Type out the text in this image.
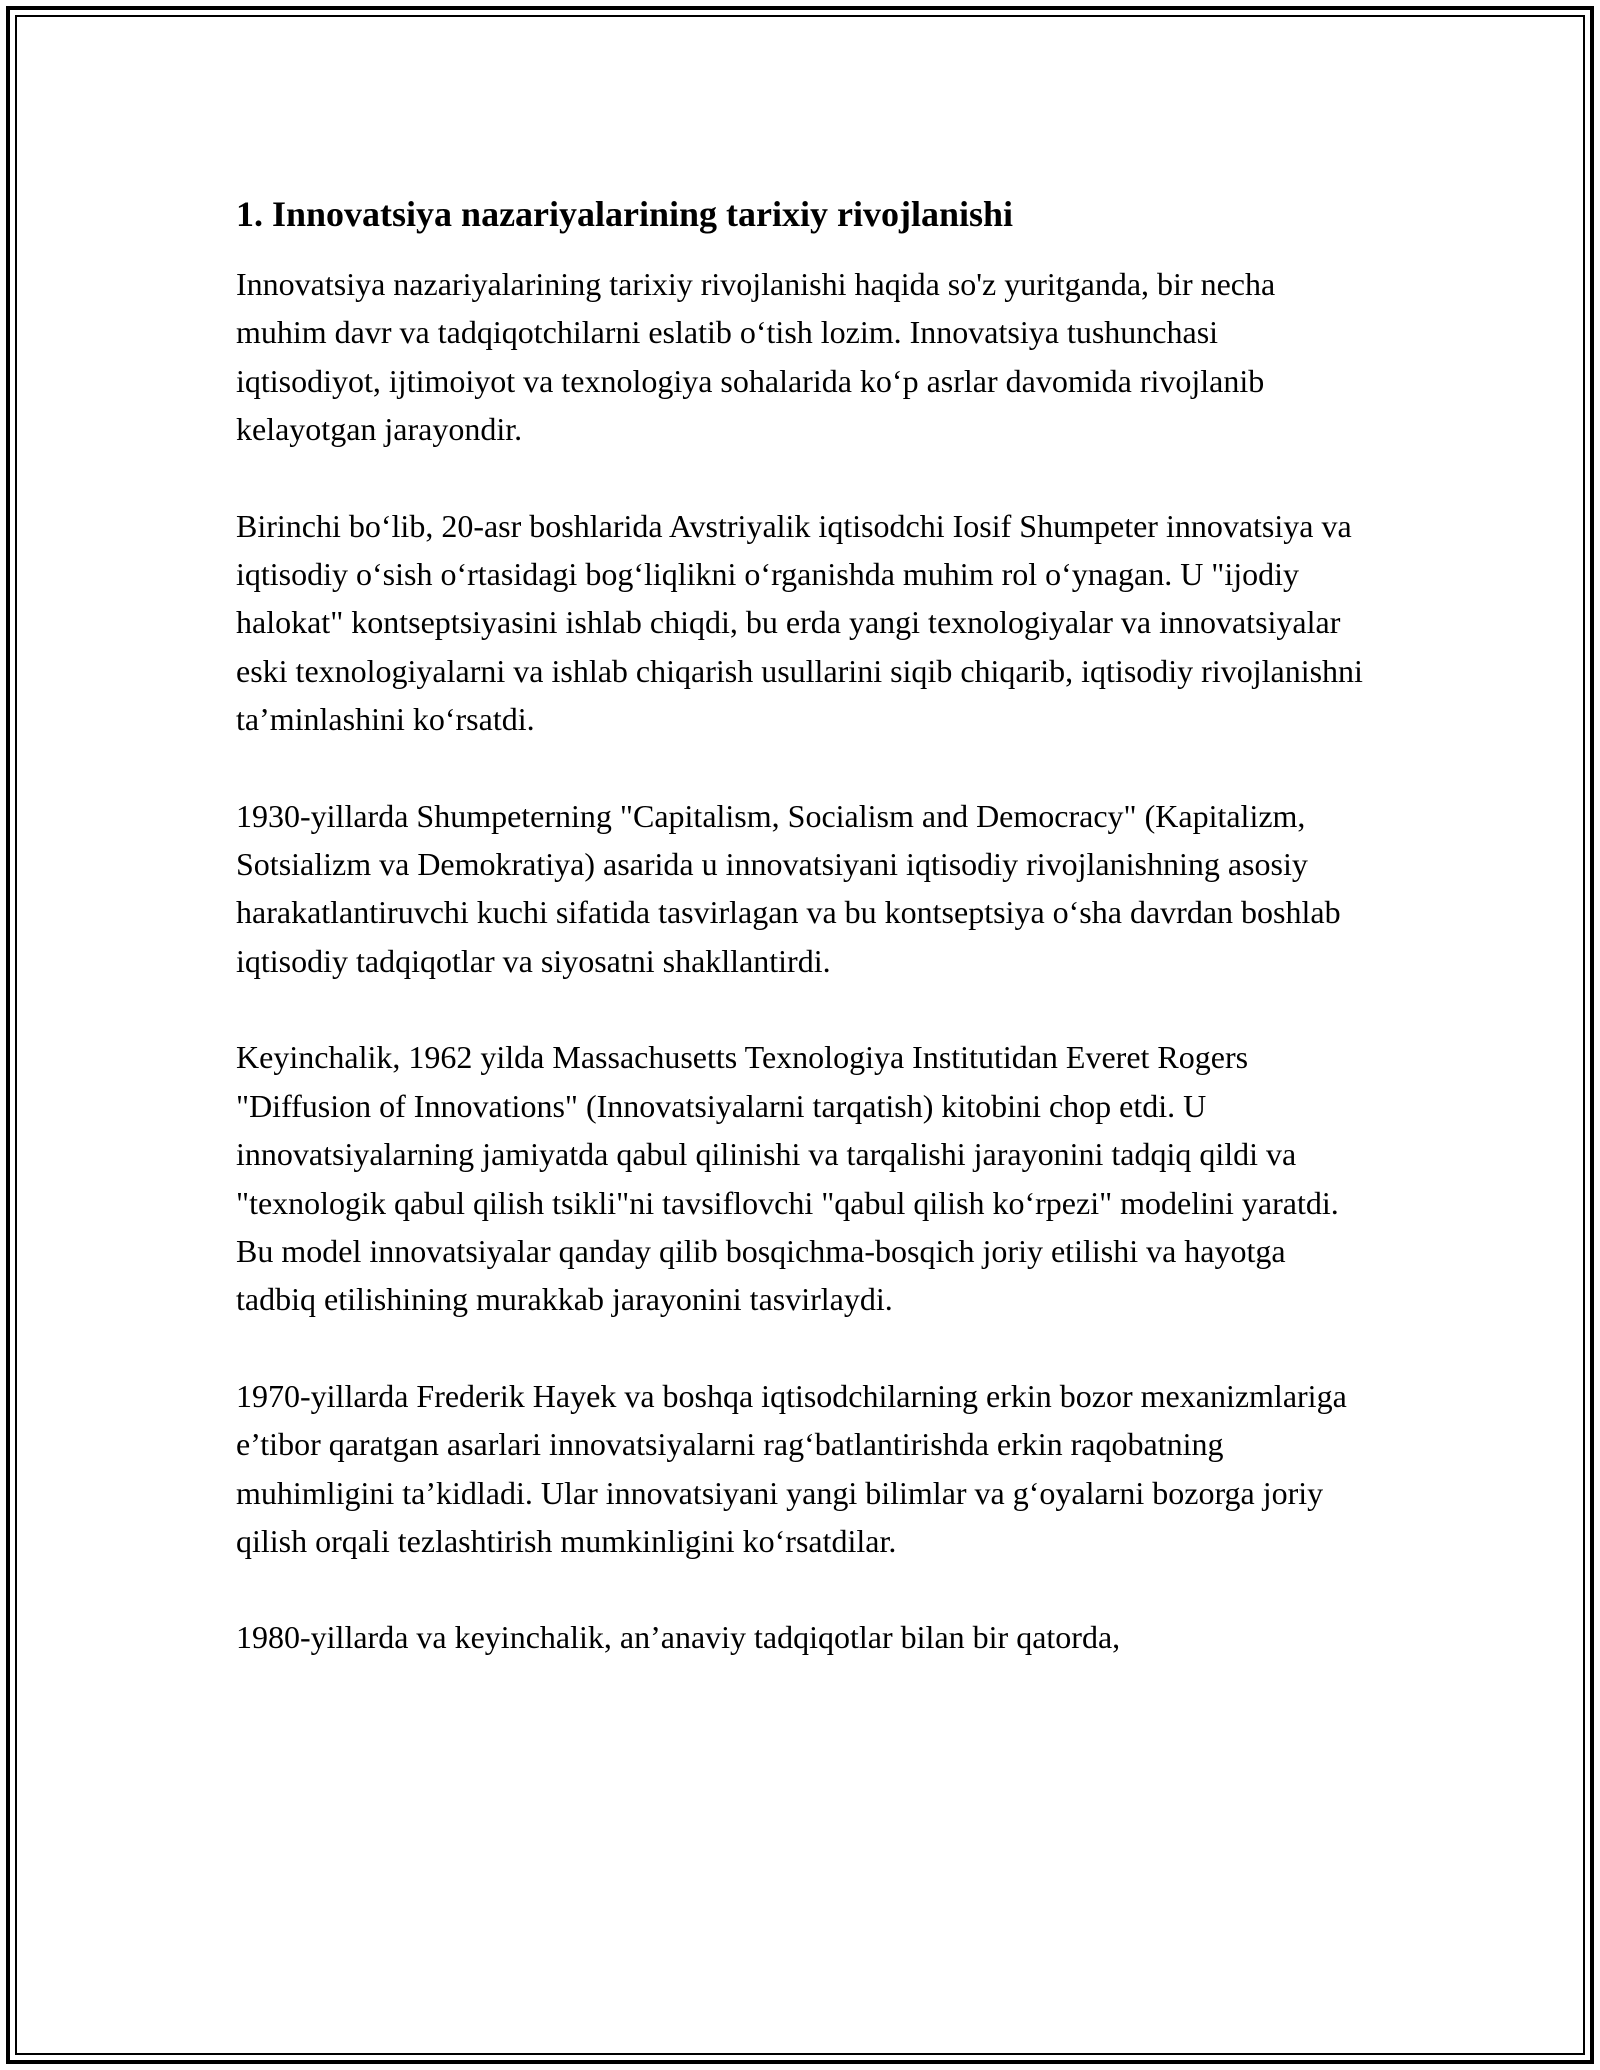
1. Innovatsiya nazariyalarining tarixiy rivojlanishi

Innovatsiya nazariyalarining tarixiy rivojlanishi haqida so'z yuritganda, bir necha muhim davr va tadqiqotchilarni eslatib o‘tish lozim. Innovatsiya tushunchasi iqtisodiyot, ijtimoiyot va texnologiya sohalarida ko‘p asrlar davomida rivojlanib kelayotgan jarayondir.

Birinchi bo‘lib, 20-asr boshlarida Avstriyalik iqtisodchi Iosif Shumpeter innovatsiya va iqtisodiy o‘sish o‘rtasidagi bog‘liqlikni o‘rganishda muhim rol o‘ynagan. U "ijodiy halokat" kontseptsiyasini ishlab chiqdi, bu erda yangi texnologiyalar va innovatsiyalar eski texnologiyalarni va ishlab chiqarish usullarini siqib chiqarib, iqtisodiy rivojlanishni ta’minlashini ko‘rsatdi.

1930-yillarda Shumpeterning "Capitalism, Socialism and Democracy" (Kapitalizm, Sotsializm va Demokratiya) asarida u innovatsiyani iqtisodiy rivojlanishning asosiy harakatlantiruvchi kuchi sifatida tasvirlagan va bu kontseptsiya o‘sha davrdan boshlab iqtisodiy tadqiqotlar va siyosatni shakllantirdi.

Keyinchalik, 1962 yilda Massachusetts Texnologiya Institutidan Everet Rogers "Diffusion of Innovations" (Innovatsiyalarni tarqatish) kitobini chop etdi. U innovatsiyalarning jamiyatda qabul qilinishi va tarqalishi jarayonini tadqiq qildi va "texnologik qabul qilish tsikli"ni tavsiflovchi "qabul qilish ko‘rpezi" modelini yaratdi. Bu model innovatsiyalar qanday qilib bosqichma-bosqich joriy etilishi va hayotga tadbiq etilishining murakkab jarayonini tasvirlaydi.

1970-yillarda Frederik Hayek va boshqa iqtisodchilarning erkin bozor mexanizmlariga e’tibor qaratgan asarlari innovatsiyalarni rag‘batlantirishda erkin raqobatning muhimligini ta’kidladi. Ular innovatsiyani yangi bilimlar va g‘oyalarni bozorga joriy qilish orqali tezlashtirish mumkinligini ko‘rsatdilar.

1980-yillarda va keyinchalik, an’anaviy tadqiqotlar bilan bir qatorda,
